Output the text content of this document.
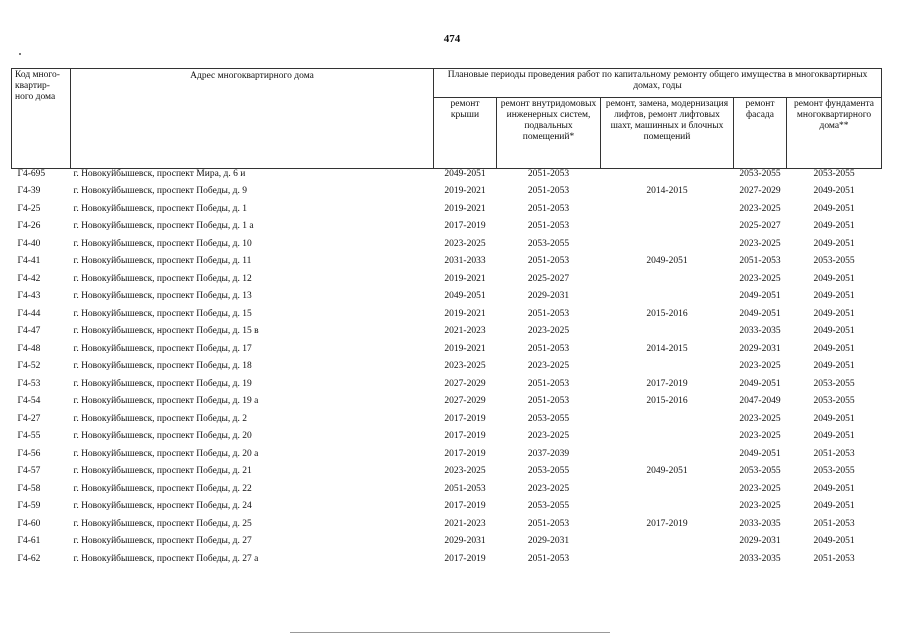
474
Код много-квартир-ного дома	Адрес многоквартирного дома	Плановые периоды проведения работ по капитальному ремонту общего имущества в многоквартирных домах, годы				
		ремонт крыши	ремонт внутридомовых инженерных систем, подвальных помещений*	ремонт, замена, модернизация лифтов, ремонт лифтовых шахт, машинных и блочных помещений	ремонт фасада	ремонт фундамента многоквартирного дома**
Г4-695	г. Новокуйбышевск, проспект Мира, д. 6 и	2049-2051	2051-2053		2053-2055	2053-2055
Г4-39	г. Новокуйбышевск, проспект Победы, д. 9	2019-2021	2051-2053	2014-2015	2027-2029	2049-2051
Г4-25	г. Новокуйбышевск, проспект Победы, д. 1	2019-2021	2051-2053		2023-2025	2049-2051
Г4-26	г. Новокуйбышевск, проспект Победы, д. 1 а	2017-2019	2051-2053		2025-2027	2049-2051
Г4-40	г. Новокуйбышевск, проспект Победы, д. 10	2023-2025	2053-2055		2023-2025	2049-2051
Г4-41	г. Новокуйбышевск, проспект Победы, д. 11	2031-2033	2051-2053	2049-2051	2051-2053	2053-2055
Г4-42	г. Новокуйбышевск, проспект Победы, д. 12	2019-2021	2025-2027		2023-2025	2049-2051
Г4-43	г. Новокуйбышевск, проспект Победы, д. 13	2049-2051	2029-2031		2049-2051	2049-2051
Г4-44	г. Новокуйбышевск, проспект Победы, д. 15	2019-2021	2051-2053	2015-2016	2049-2051	2049-2051
Г4-47	г. Новокуйбышевск, нроспект Победы, д. 15 в	2021-2023	2023-2025		2033-2035	2049-2051
Г4-48	г. Новокуйбышевск, проспект Победы, д. 17	2019-2021	2051-2053	2014-2015	2029-2031	2049-2051
Г4-52	г. Новокуйбышевск, проспект Победы, д. 18	2023-2025	2023-2025		2023-2025	2049-2051
Г4-53	г. Новокуйбышевск, проспект Победы, д. 19	2027-2029	2051-2053	2017-2019	2049-2051	2053-2055
Г4-54	г. Новокуйбышевск, проспект Победы, д. 19 а	2027-2029	2051-2053	2015-2016	2047-2049	2053-2055
Г4-27	г. Новокуйбышевск, проспект Победы, д. 2	2017-2019	2053-2055		2023-2025	2049-2051
Г4-55	г. Новокуйбышевск, проспект Победы, д. 20	2017-2019	2023-2025		2023-2025	2049-2051
Г4-56	г. Новокуйбышевск, проспект Победы, д. 20 а	2017-2019	2037-2039		2049-2051	2051-2053
Г4-57	г. Новокуйбышевск, проспект Победы, д. 21	2023-2025	2053-2055	2049-2051	2053-2055	2053-2055
Г4-58	г. Новокуйбышевск, проспект Победы, д. 22	2051-2053	2023-2025		2023-2025	2049-2051
Г4-59	г. Новокуйбышевск, нроспект Победы, д. 24	2017-2019	2053-2055		2023-2025	2049-2051
Г4-60	г. Новокуйбышевск, проспект Победы, д. 25	2021-2023	2051-2053	2017-2019	2033-2035	2051-2053
Г4-61	г. Новокуйбышевск, проспект Победы, д. 27	2029-2031	2029-2031		2029-2031	2049-2051
Г4-62	г. Новокуйбышевск, проспект Победы, д. 27 а	2017-2019	2051-2053		2033-2035	2051-2053
